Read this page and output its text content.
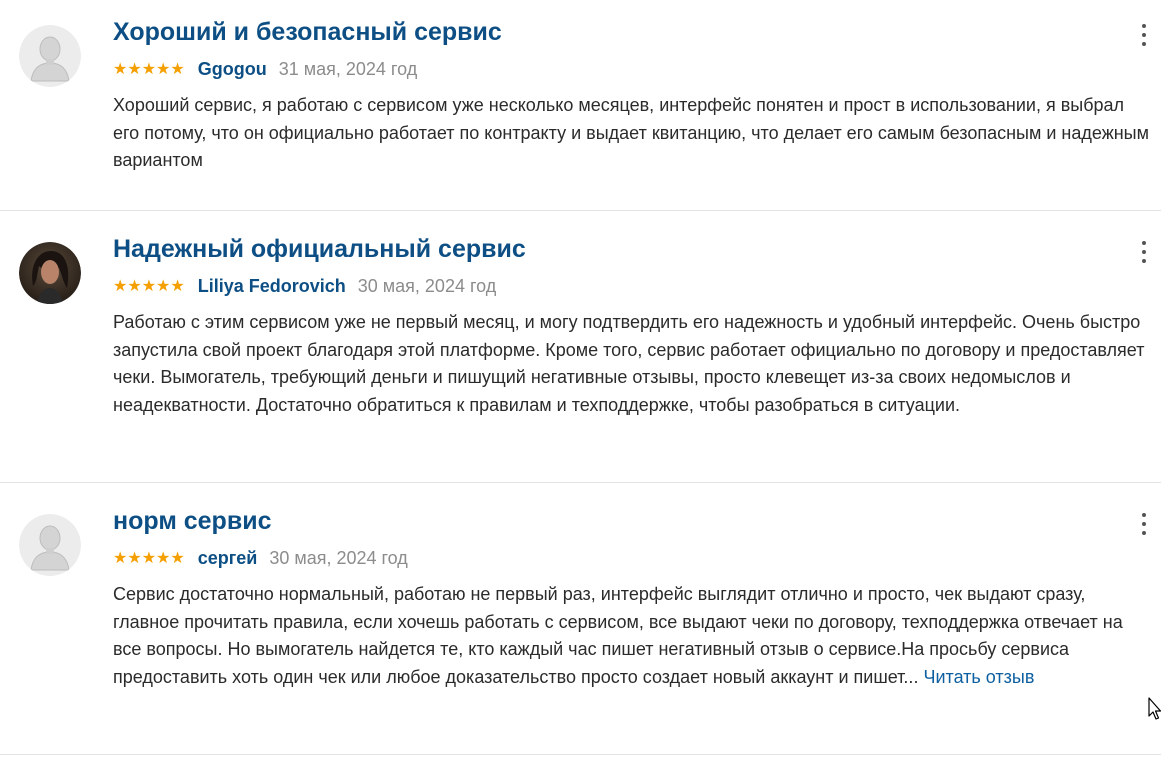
Хороший и безопасный сервис
★★★★★ Ggogou 31 мая, 2024 год

Хороший сервис, я работаю с сервисом уже несколько месяцев, интерфейс понятен и прост в использовании, я выбрал его потому, что он официально работает по контракту и выдает квитанцию, что делает его самым безопасным и надежным вариантом

Надежный официальный сервис
★★★★★ Liliya Fedorovich 30 мая, 2024 год

Работаю с этим сервисом уже не первый месяц, и могу подтвердить его надежность и удобный интерфейс. Очень быстро запустила свой проект благодаря этой платформе. Кроме того, сервис работает официально по договору и предоставляет чеки. Вымогатель, требующий деньги и пишущий негативные отзывы, просто клевещет из-за своих недомыслов и неадекватности. Достаточно обратиться к правилам и техподдержке, чтобы разобраться в ситуации.

норм сервис
★★★★★ сергей 30 мая, 2024 год

Сервис достаточно нормальный, работаю не первый раз, интерфейс выглядит отлично и просто, чек выдают сразу, главное прочитать правила, если хочешь работать с сервисом, все выдают чеки по договору, техподдержка отвечает на все вопросы. Но вымогатель найдется те, кто каждый час пишет негативный отзыв о сервисе.На просьбу сервиса предоставить хоть один чек или любое доказательство просто создает новый аккаунт и пишет... Читать отзыв
